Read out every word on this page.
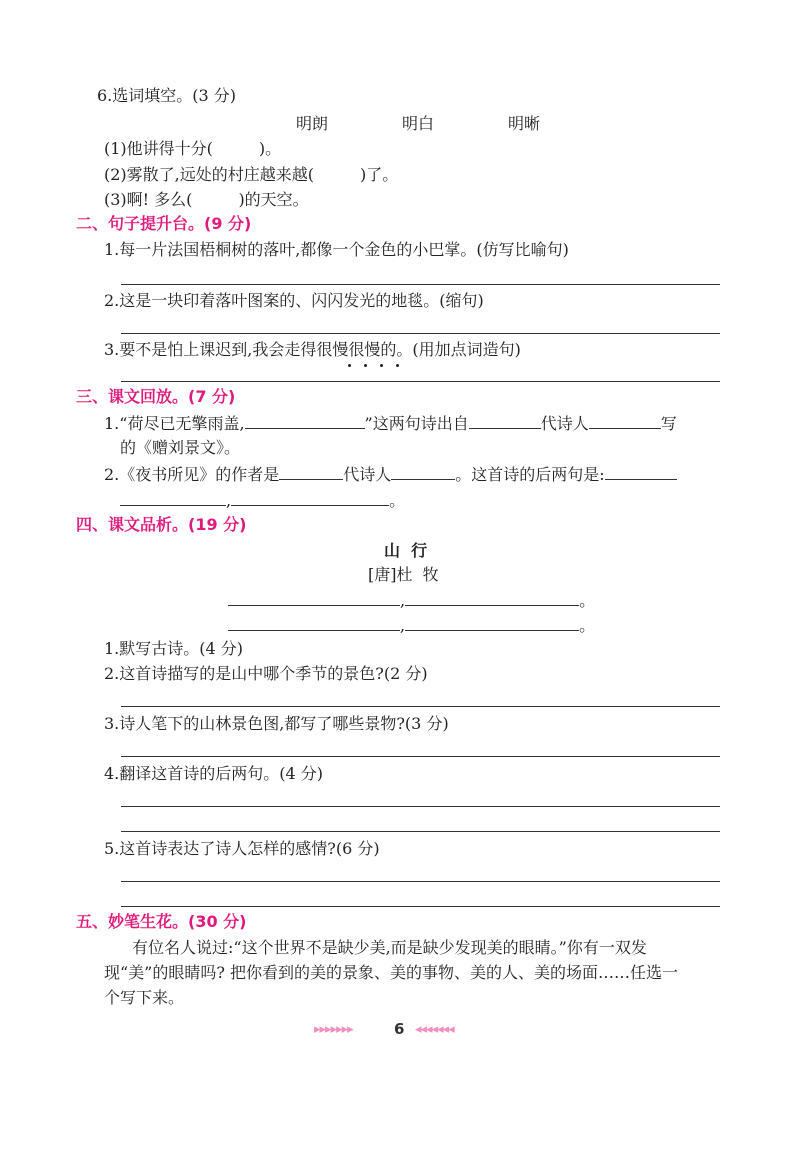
6.选词填空。(3 分)
明朗	明白	明晰
(1)他讲得十分(	)。
(2)雾散了,远处的村庄越来越(	)了。
(3)啊! 多么(	)的天空。
二、句子提升台。(9 分)
1.每一片法国梧桐树的落叶,都像一个金色的小巴掌。(仿写比喻句)
2.这是一块印着落叶图案的、闪闪发光的地毯。(缩句)
3.要不是怕上课迟到,我会走得很慢很慢的。(用加点词造句)
三、课文回放。(7 分)
1.“荷尽已无擎雨盖,	”这两句诗出自	代诗人	写
的《赠刘景文》。
2.《夜书所见》的作者是	代诗人	。这首诗的后两句是:
,	。
四、课文品析。(19 分)
山  行
[唐]杜  牧
,	。
,	。
1.默写古诗。(4 分)
2.这首诗描写的是山中哪个季节的景色?(2 分)
3.诗人笔下的山林景色图,都写了哪些景物?(3 分)
4.翻译这首诗的后两句。(4 分)
5.这首诗表达了诗人怎样的感情?(6 分)
五、妙笔生花。(30 分)
有位名人说过:“这个世界不是缺少美,而是缺少发现美的眼睛。”你有一双发
现“美”的眼睛吗? 把你看到的美的景象、美的事物、美的人、美的场面……任选一
个写下来。
▸▸▸▸▸▸▸	6 ◂◂◂◂◂◂◂
